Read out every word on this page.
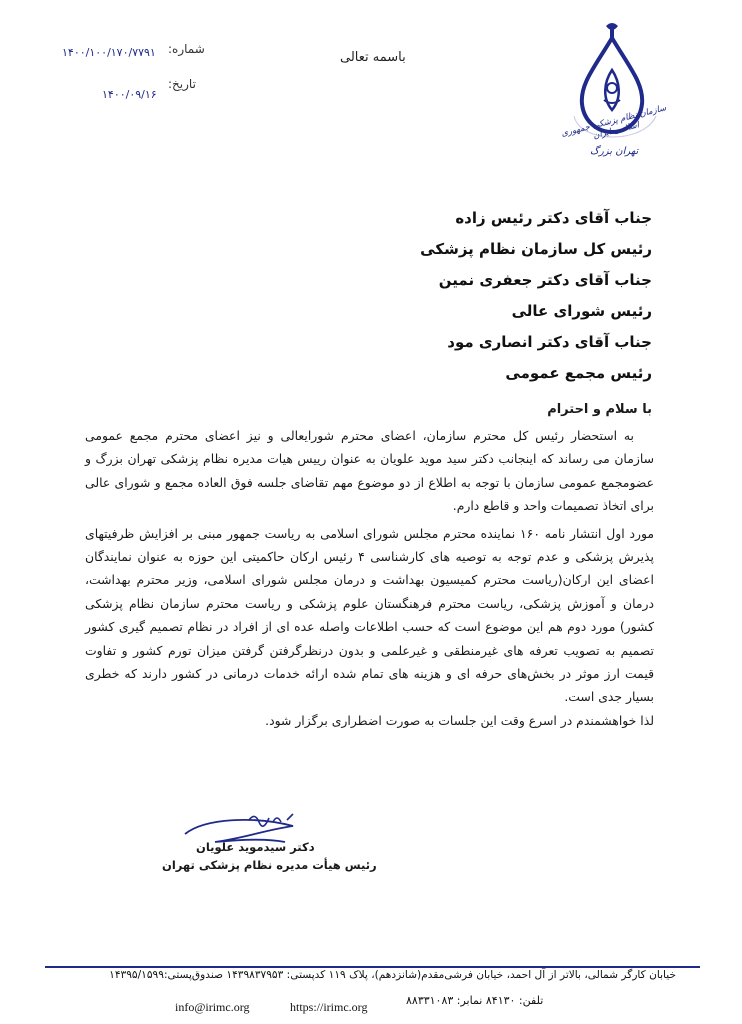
شماره:
۱۴۰۰/۱۰۰/۱۷۰/۷۷۹۱
تاریخ:
۱۴۰۰/۰۹/۱۶
باسمه تعالی
سازمان نظام پزشکی جمهوری اسلامی ایران
تهران بزرگ
جناب آقای دکتر رئیس زاده
رئیس کل سازمان نظام پزشکی
جناب آقای دکتر جعفری نمین
رئیس شورای عالی
جناب آقای دکتر انصاری مود
رئیس مجمع عمومی
با سلام و احترام

به استحضار رئیس کل محترم سازمان، اعضای محترم شورایعالی و نیز اعضای محترم مجمع عمومی سازمان می رساند که اینجانب دکتر سید موید علویان به عنوان رییس هیات مدیره نظام پزشکی تهران بزرگ و عضومجمع عمومی سازمان با توجه به اطلاع از دو موضوع مهم تقاضای جلسه فوق العاده مجمع و شورای عالی برای اتخاذ تصمیمات واحد و قاطع دارم.

مورد اول انتشار نامه ۱۶۰ نماینده محترم مجلس شورای اسلامی به ریاست جمهور مبنی بر افزایش ظرفیتهای پذیرش پزشکی و عدم توجه به توصیه های کارشناسی ۴ رئیس ارکان حاکمیتی این حوزه به عنوان نمایندگان اعضای این ارکان(ریاست محترم کمیسیون بهداشت و درمان مجلس شورای اسلامی، وزیر محترم بهداشت، درمان و آموزش پزشکی، ریاست محترم فرهنگستان علوم پزشکی و ریاست محترم سازمان نظام پزشکی کشور) مورد دوم هم این موضوع است که حسب اطلاعات واصله عده ای از افراد در نظام تصمیم گیری کشور تصمیم به تصویب تعرفه های غیرمنطقی و غیرعلمی و بدون درنظرگرفتن گرفتن میزان تورم کشور و تفاوت قیمت ارز موثر در بخش‌های حرفه ای و هزینه های تمام شده ارائه خدمات درمانی در کشور دارند که خطری بسیار جدی است.

لذا خواهشمندم در اسرع وقت این جلسات به صورت اضطراری برگزار شود.

دکتر سیدموید علویان
رئیس هیأت مدیره نظام پزشکی تهران
خیابان کارگر شمالی، بالاتر از آل احمد، خیابان فرشی‌مقدم(شانزدهم)، پلاک ۱۱۹ کدپستی: ۱۴۳۹۸۳۷۹۵۳ صندوق‌پستی:۱۴۳۹۵/۱۵۹۹
تلفن: ۸۴۱۳۰ نمابر: ۸۸۳۳۱۰۸۳
https://irimc.org
info@irimc.org
